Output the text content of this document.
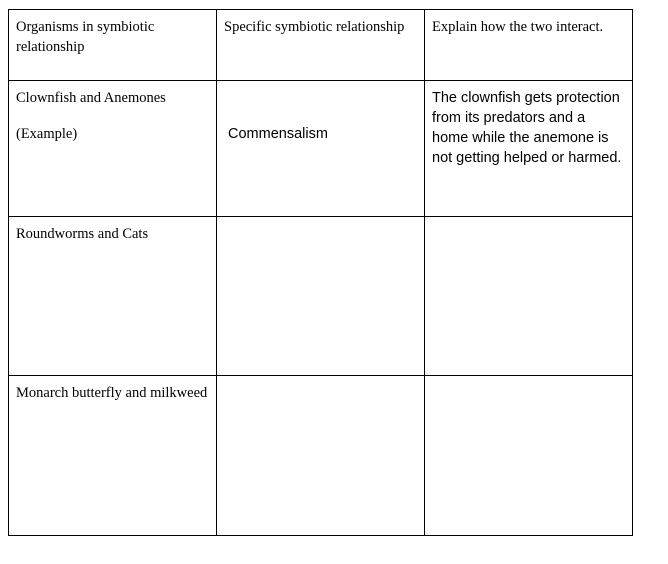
Organisms in symbiotic relationship	Specific symbiotic relationship	Explain how the two interact.

Clownfish and Anemones
(Example)	Commensalism	The clownfish gets protection from its predators and a home while the anemone is not getting helped or harmed.
Roundworms and Cats		
Monarch butterfly and milkweed		
